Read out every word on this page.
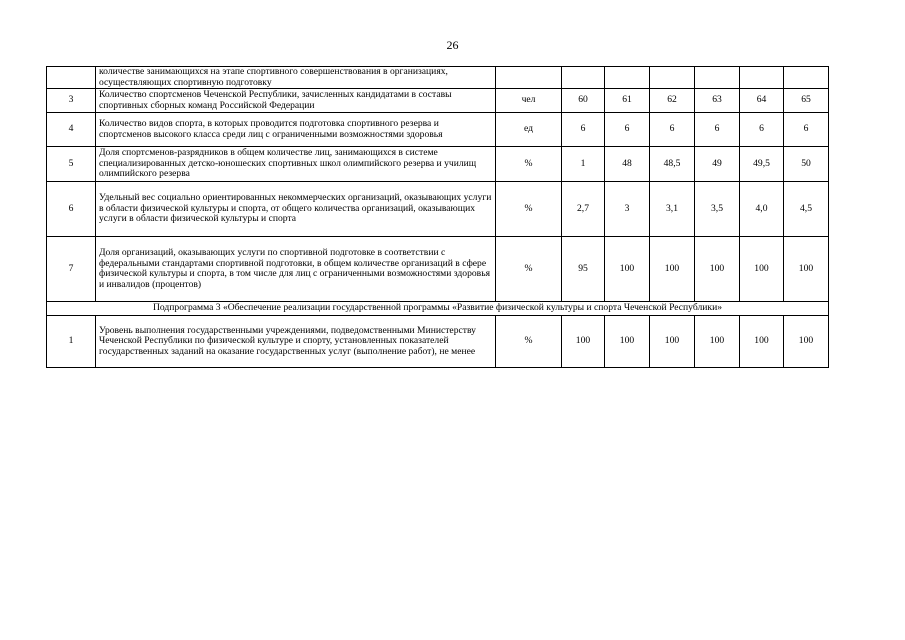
26
	количестве занимающихся на этапе спортивного совершенствования в организациях, осуществляющих спортивную подготовку							
3	Количество спортсменов Чеченской Республики, зачисленных кандидатами в составы спортивных сборных команд Российской Федерации	чел	60	61	62	63	64	65
4	Количество видов спорта, в которых проводится подготовка спортивного резерва и спортсменов высокого класса среди лиц с ограниченными возможностями здоровья	ед	6	6	6	6	6	6
5	Доля спортсменов-разрядников в общем количестве лиц, занимающихся в системе специализированных детско-юношеских спортивных школ олимпийского резерва и училищ олимпийского резерва	%	1	48	48,5	49	49,5	50
6	Удельный вес социально ориентированных некоммерческих организаций, оказывающих услуги в области физической культуры и спорта, от общего количества организаций, оказывающих услуги в области физической культуры и спорта	%	2,7	3	3,1	3,5	4,0	4,5
7	Доля организаций, оказывающих услуги по спортивной подготовке в соответствии с федеральными стандартами спортивной подготовки, в общем количестве организаций в сфере физической культуры и спорта, в том числе для лиц с ограниченными возможностями здоровья и инвалидов (процентов)	%	95	100	100	100	100	100
Подпрограмма 3 «Обеспечение реализации государственной программы «Развитие физической культуры и спорта Чеченской Республики»								
1	Уровень выполнения государственными учреждениями, подведомственными Министерству Чеченской Республики по физической культуре и спорту, установленных показателей государственных заданий на оказание государственных услуг (выполнение работ), не менее	%	100	100	100	100	100	100
